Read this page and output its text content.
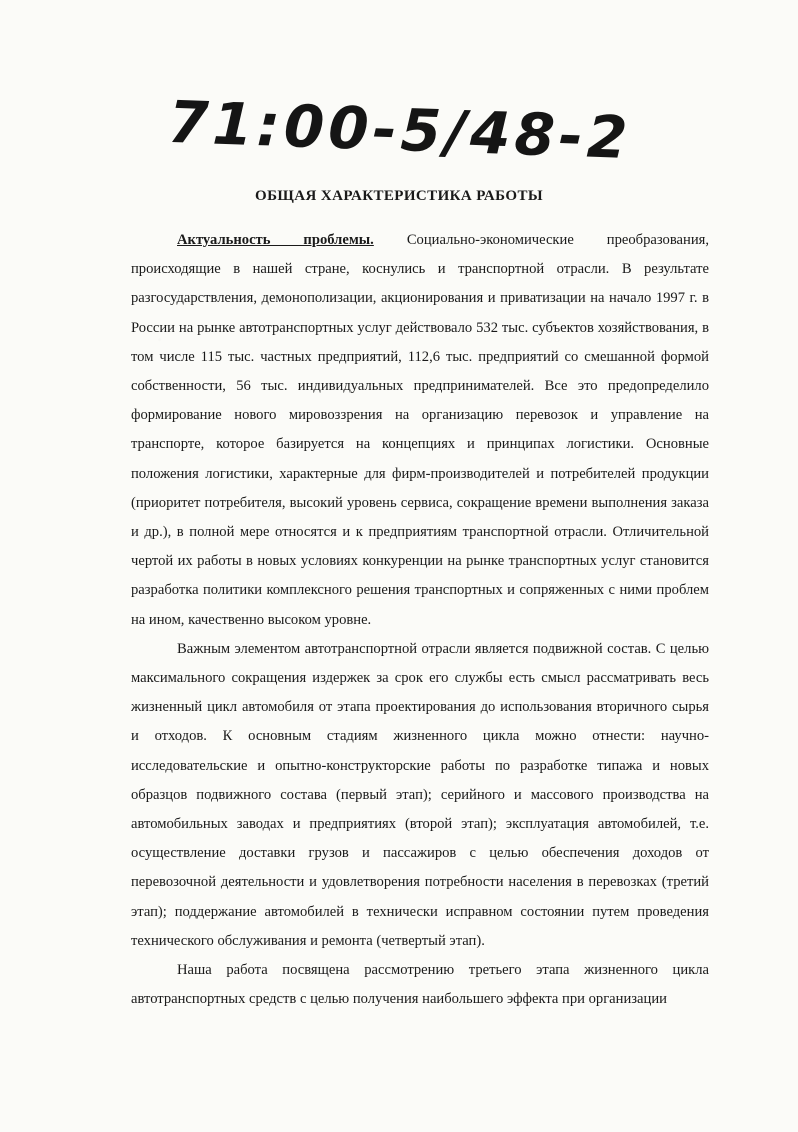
71:00-5/48-2
ОБЩАЯ ХАРАКТЕРИСТИКА РАБОТЫ

Актуальность проблемы. Социально-экономические преобразования, происходящие в нашей стране, коснулись и транспортной отрасли. В результате разгосударствления, демонополизации, акционирования и приватизации на начало 1997 г. в России на рынке автотранспортных услуг действовало 532 тыс. субъектов хозяйствования, в том числе 115 тыс. частных предприятий, 112,6 тыс. предприятий со смешанной формой собственности, 56 тыс. индивидуальных предпринимателей. Все это предопределило формирование нового мировоззрения на организацию перевозок и управление на транспорте, которое базируется на концепциях и принципах логистики. Основные положения логистики, характерные для фирм-производителей и потребителей продукции (приоритет потребителя, высокий уровень сервиса, сокращение времени выполнения заказа и др.), в полной мере относятся и к предприятиям транспортной отрасли. Отличительной чертой их работы в новых условиях конкуренции на рынке транспортных услуг становится разработка политики комплексного решения транспортных и сопряженных с ними проблем на ином, качественно высоком уровне.

Важным элементом автотранспортной отрасли является подвижной состав. С целью максимального сокращения издержек за срок его службы есть смысл рассматривать весь жизненный цикл автомобиля от этапа проектирования до использования вторичного сырья и отходов. К основным стадиям жизненного цикла можно отнести: научно-исследовательские и опытно-конструкторские работы по разработке типажа и новых образцов подвижного состава (первый этап); серийного и массового производства на автомобильных заводах и предприятиях (второй этап); эксплуатация автомобилей, т.е. осуществление доставки грузов и пассажиров с целью обеспечения доходов от перевозочной деятельности и удовлетворения потребности населения в перевозках (третий этап); поддержание автомобилей в технически исправном состоянии путем проведения технического обслуживания и ремонта (четвертый этап).

Наша работа посвящена рассмотрению третьего этапа жизненного цикла автотранспортных средств с целью получения наибольшего эффекта при организации
